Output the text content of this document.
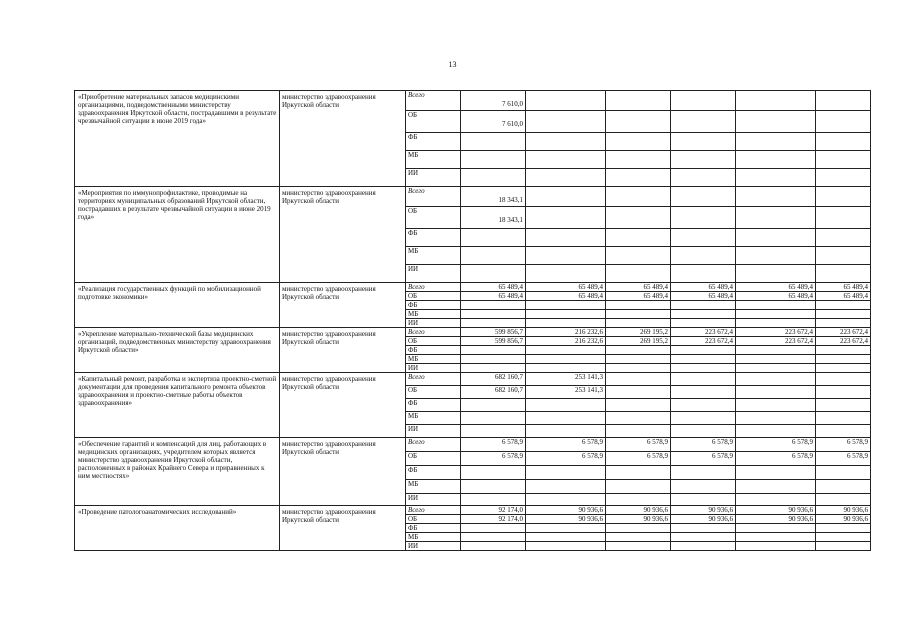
13
«Приобретение материальных запасов медицинскими организациями, подведомственными министерству здравоохранения Иркутской области, пострадавшими в результате чрезвычайной ситуации в июне 2019 года»	министерство здравоохранения Иркутской области	Всего	7 610,0					

		ОБ	7 610,0					

		ФБ	

		МБ	

		ИИ	

«Мероприятия по иммунопрофилактике, проводимые на территориях муниципальных образований Иркутской области, пострадавших в результате чрезвычайной ситуации в июне 2019 года»	министерство здравоохранения Иркутской области	Всего	18 343,1					

		ОБ	18 343,1					

		ФБ	

		МБ	

		ИИ	

«Реализация государственных функций по мобилизационной подготовке экономики»	министерство здравоохранения Иркутской области	Всего	65 489,4	65 489,4	65 489,4	65 489,4	65 489,4	65 489,4
		ОБ	65 489,4	65 489,4	65 489,4	65 489,4	65 489,4	65 489,4
		ФБ						
		МБ						
		ИИ						
«Укрепление материально-технической базы медицинских организаций, подведомственных министерству здравоохранения Иркутской области»	министерство здравоохранения Иркутской области	Всего	599 856,7	216 232,6	269 195,2	223 672,4	223 672,4	223 672,4
		ОБ	599 856,7	216 232,6	269 195,2	223 672,4	223 672,4	223 672,4
		ФБ						
		МБ						
		ИИ						
«Капитальный ремонт, разработка и экспертиза проектно-сметной документации для проведения капитального ремонта объектов здравоохранения и проектно-сметные работы объектов здравоохранения»	министерство здравоохранения Иркутской области	Всего	682 160,7	253 141,3				
		ОБ	682 160,7	253 141,3				
		ФБ						
		МБ						
		ИИ						
«Обеспечение гарантий и компенсаций для лиц, работающих в медицинских организациях, учредителем которых является министерство здравоохранения Иркутской области, расположенных в районах Крайнего Севера и приравненных к ним местностях»	министерство здравоохранения Иркутской области	Всего	6 578,9	6 578,9	6 578,9	6 578,9	6 578,9	6 578,9
		ОБ	6 578,9	6 578,9	6 578,9	6 578,9	6 578,9	6 578,9
		ФБ						
		МБ						
		ИИ						
«Проведение патологоанатомических исследований»	министерство здравоохранения Иркутской области	Всего	92 174,0	90 936,6	90 936,6	90 936,6	90 936,6	90 936,6
		ОБ	92 174,0	90 936,6	90 936,6	90 936,6	90 936,6	90 936,6
		ФБ						
		МБ						
		ИИ						
